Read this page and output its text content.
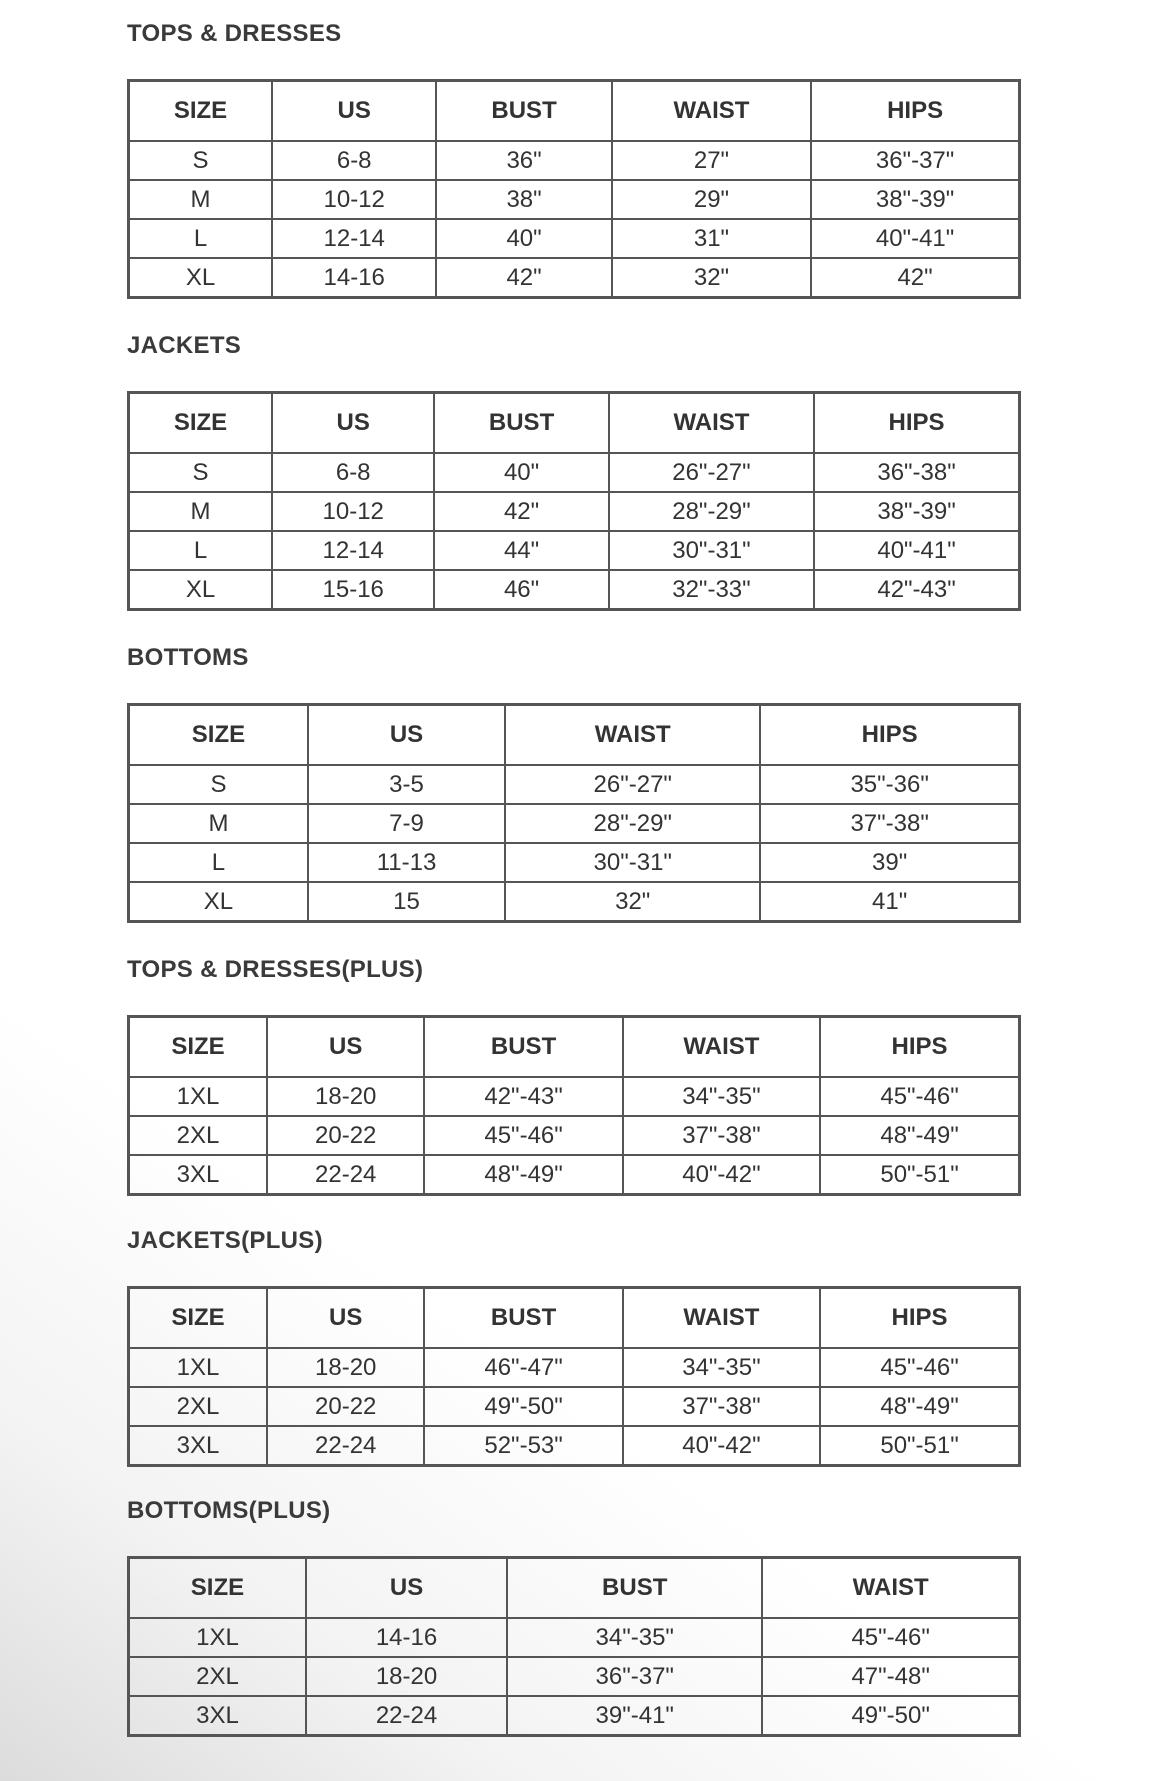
TOPS & DRESSES
SIZE	US	BUST	WAIST	HIPS
S	6-8	36"	27"	36"-37"
M	10-12	38"	29"	38"-39"
L	12-14	40"	31"	40"-41"
XL	14-16	42"	32"	42"
JACKETS
SIZE	US	BUST	WAIST	HIPS
S	6-8	40"	26"-27"	36"-38"
M	10-12	42"	28"-29"	38"-39"
L	12-14	44"	30"-31"	40"-41"
XL	15-16	46"	32"-33"	42"-43"
BOTTOMS
SIZE	US	WAIST	HIPS
S	3-5	26"-27"	35"-36"
M	7-9	28"-29"	37"-38"
L	11-13	30"-31"	39"
XL	15	32"	41"
TOPS & DRESSES(PLUS)
SIZE	US	BUST	WAIST	HIPS
1XL	18-20	42"-43"	34"-35"	45"-46"
2XL	20-22	45"-46"	37"-38"	48"-49"
3XL	22-24	48"-49"	40"-42"	50"-51"
JACKETS(PLUS)
SIZE	US	BUST	WAIST	HIPS
1XL	18-20	46"-47"	34"-35"	45"-46"
2XL	20-22	49"-50"	37"-38"	48"-49"
3XL	22-24	52"-53"	40"-42"	50"-51"
BOTTOMS(PLUS)
SIZE	US	BUST	WAIST
1XL	14-16	34"-35"	45"-46"
2XL	18-20	36"-37"	47"-48"
3XL	22-24	39"-41"	49"-50"
